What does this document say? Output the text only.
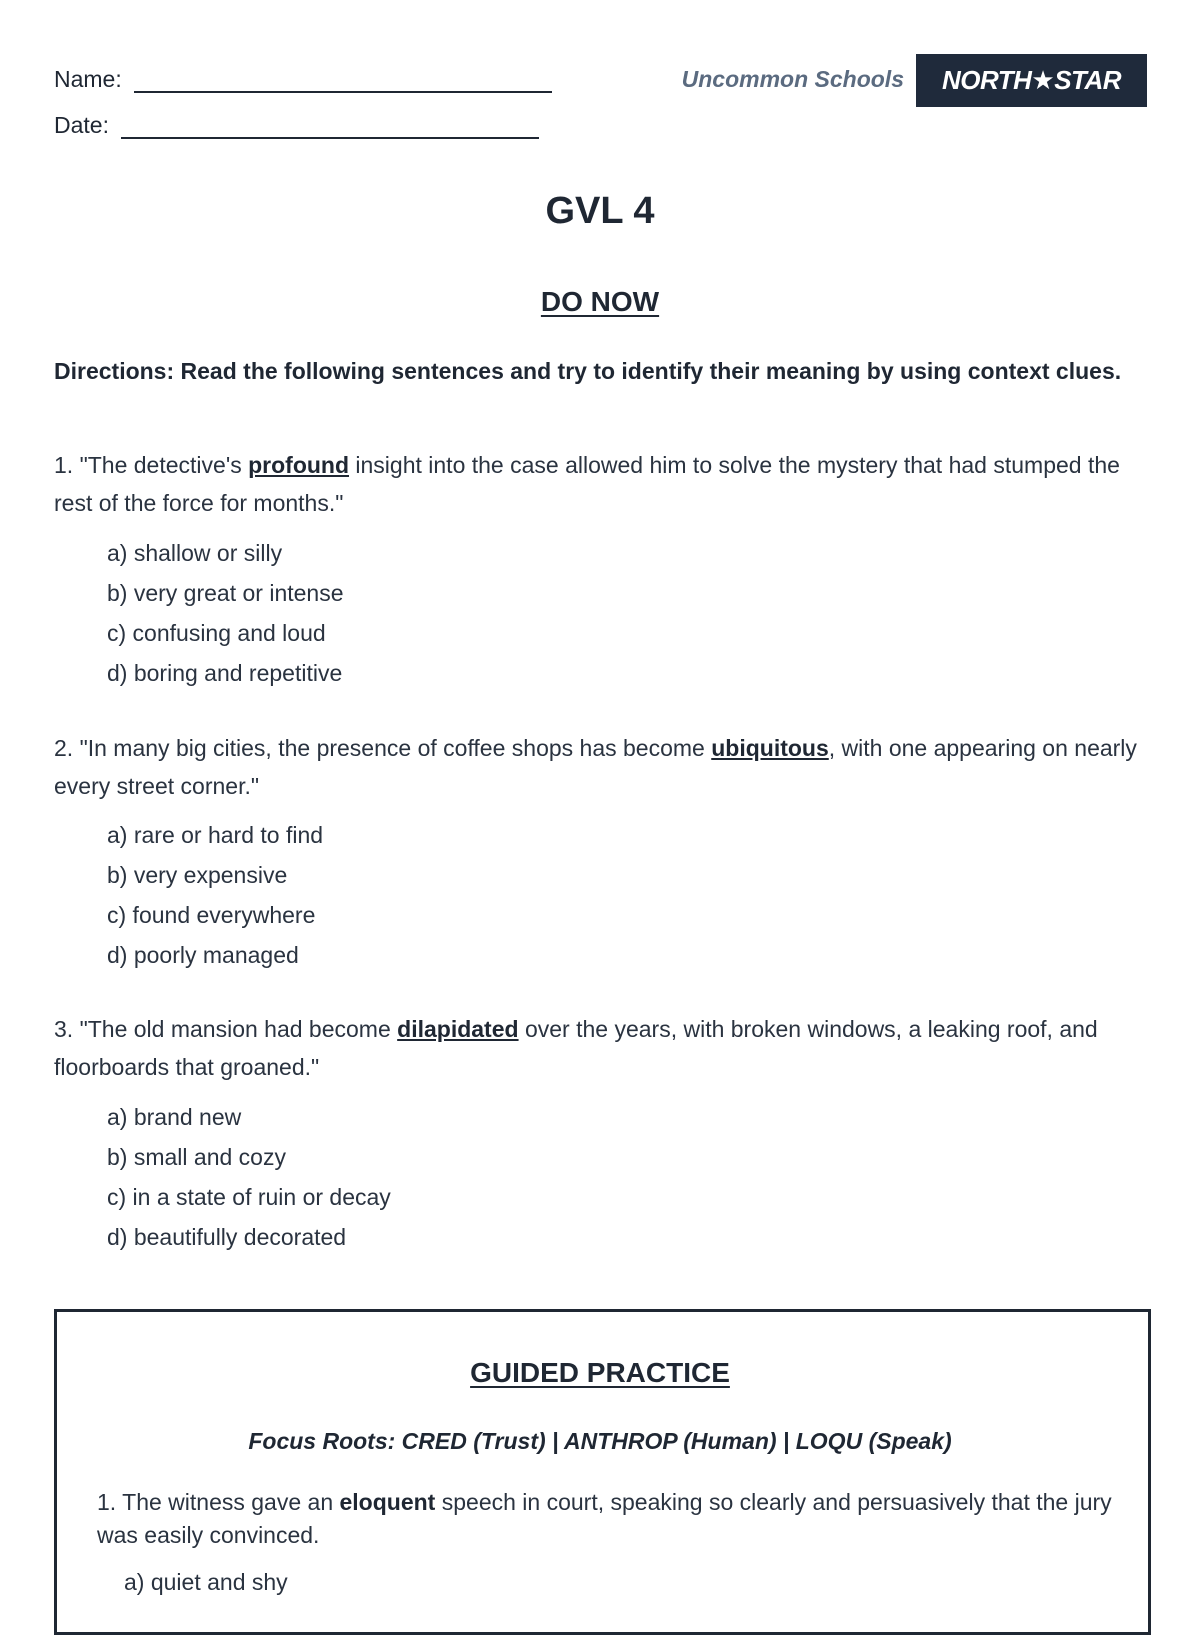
Name:
Date:
Uncommon Schools NORTH★STAR
GVL 4
DO NOW
Directions: Read the following sentences and try to identify their meaning by using context clues.
1. "The detective's profound insight into the case allowed him to solve the mystery that had stumped the rest of the force for months."
a) shallow or silly
b) very great or intense
c) confusing and loud
d) boring and repetitive
2. "In many big cities, the presence of coffee shops has become ubiquitous, with one appearing on nearly every street corner."
a) rare or hard to find
b) very expensive
c) found everywhere
d) poorly managed
3. "The old mansion had become dilapidated over the years, with broken windows, a leaking roof, and floorboards that groaned."
a) brand new
b) small and cozy
c) in a state of ruin or decay
d) beautifully decorated
GUIDED PRACTICE
Focus Roots: CRED (Trust) | ANTHROP (Human) | LOQU (Speak)
1. The witness gave an eloquent speech in court, speaking so clearly and persuasively that the jury was easily convinced.
a) quiet and shy
